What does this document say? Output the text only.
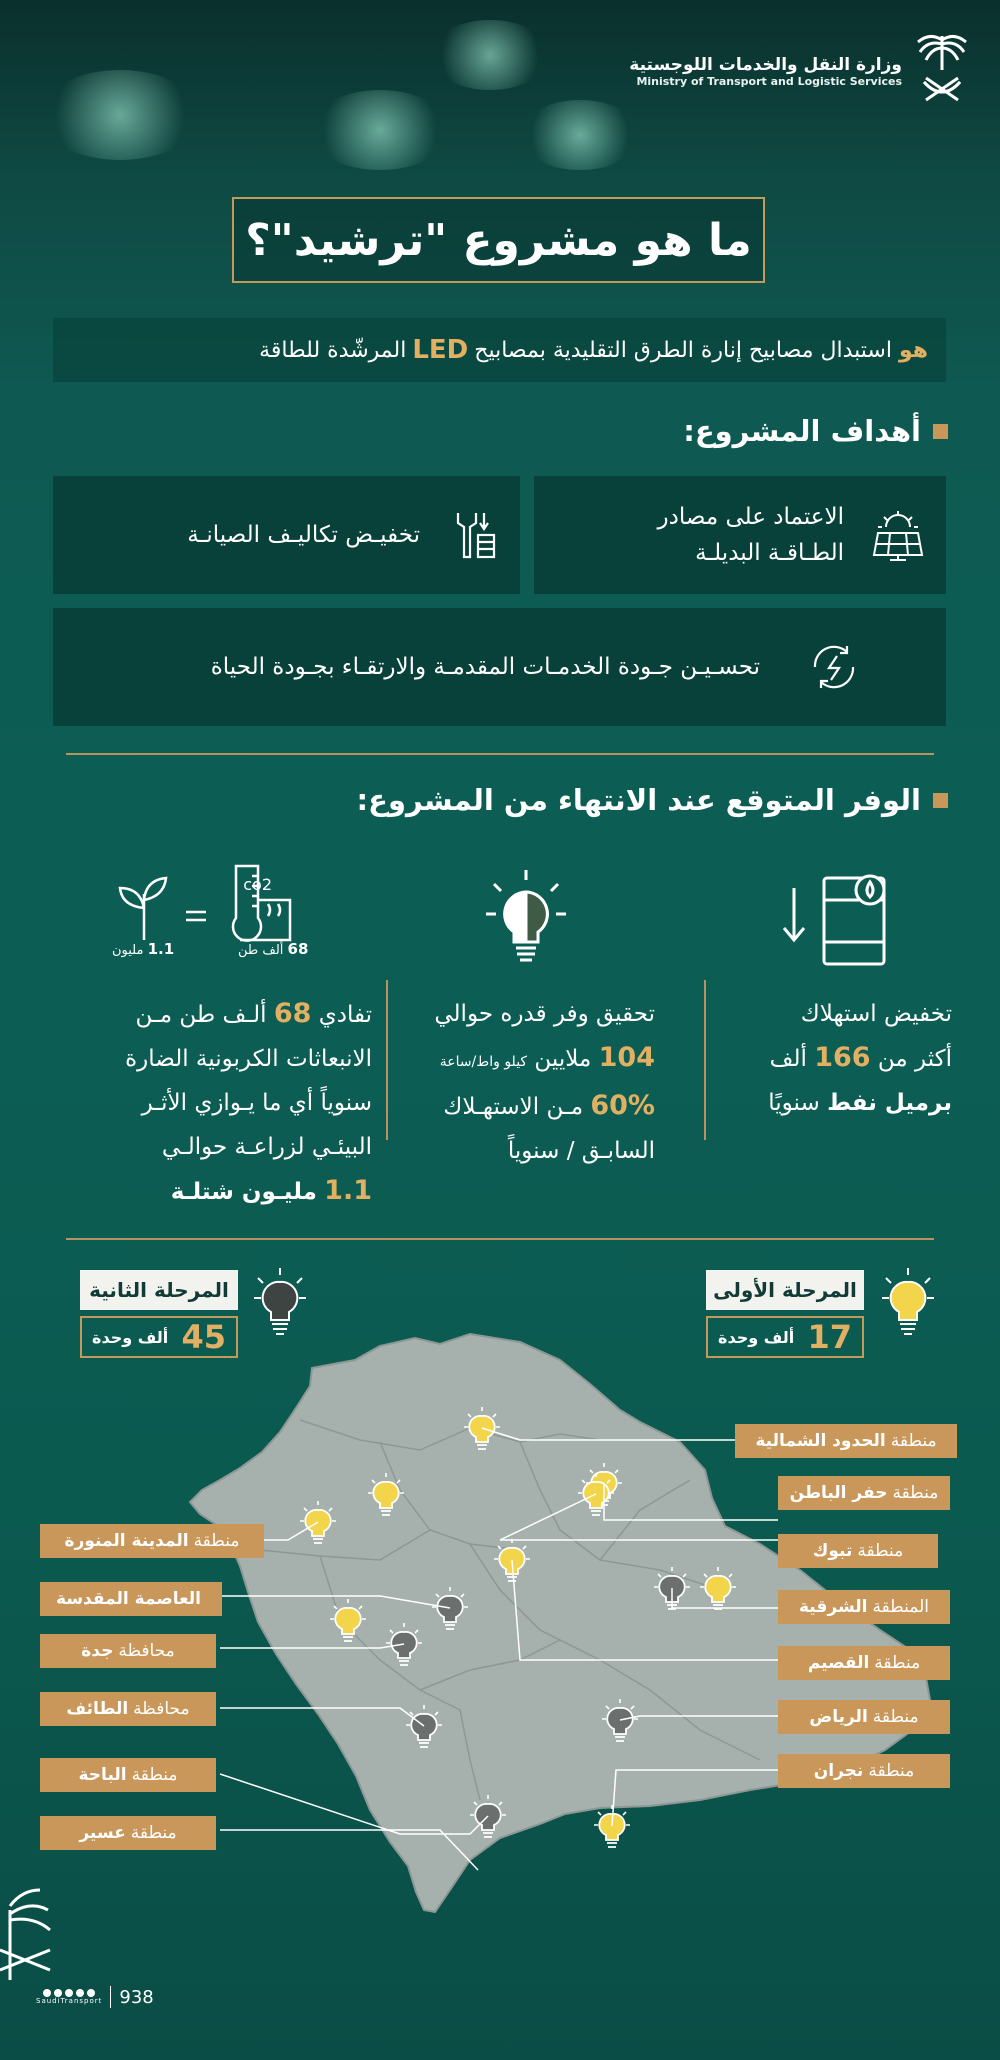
وزارة النقل والخدمات اللوجستية
Ministry of Transport and Logistic Services
ما هو مشروع "ترشيد"؟
هو

استبدال مصابيح إنارة الطرق التقليدية بمصابيح
LED
المرشّدة للطاقة
أهداف المشروع:
الاعتماد على مصادر
الطـاقـة البديلـة
تخفيـض تكاليـف الصيانـة
تحسـيـن جـودة الخدمـات المقدمـة والارتقـاء بجـودة الحياة
الوفر المتوقع عند الانتهاء من المشروع:
تخفيض استهلاك
أكثر من 166 ألف
برميل نفط سنويًا
تحقيق وفر قدره حوالي
104 ملايين كيلو واط/ساعة
60% مـن الاستهـلاك
السابـق / سنوياً
co2
68 ألف طن
1.1 مليون
تفادي 68 ألـف طن مـن
الانبعاثات الكربونية الضارة
سنوياً أي ما يـوازي الأثـر
البيئـي لزراعـة حوالـي
1.1 مليـون شتلـة
المرحلة الأولى
17
ألف وحدة
المرحلة الثانية
45
ألف وحدة
منطقة
الحدود الشمالية
منطقة
حفر الباطن
منطقة
تبوك
المنطقة
الشرقية
منطقة
القصيم
منطقة
الرياض
منطقة
نجران
منطقة
المدينة المنورة
العاصمة المقدسة
محافظة
جدة
محافظة
الطائف
منطقة
الباحة
منطقة
عسير
SaudiTransport 938
